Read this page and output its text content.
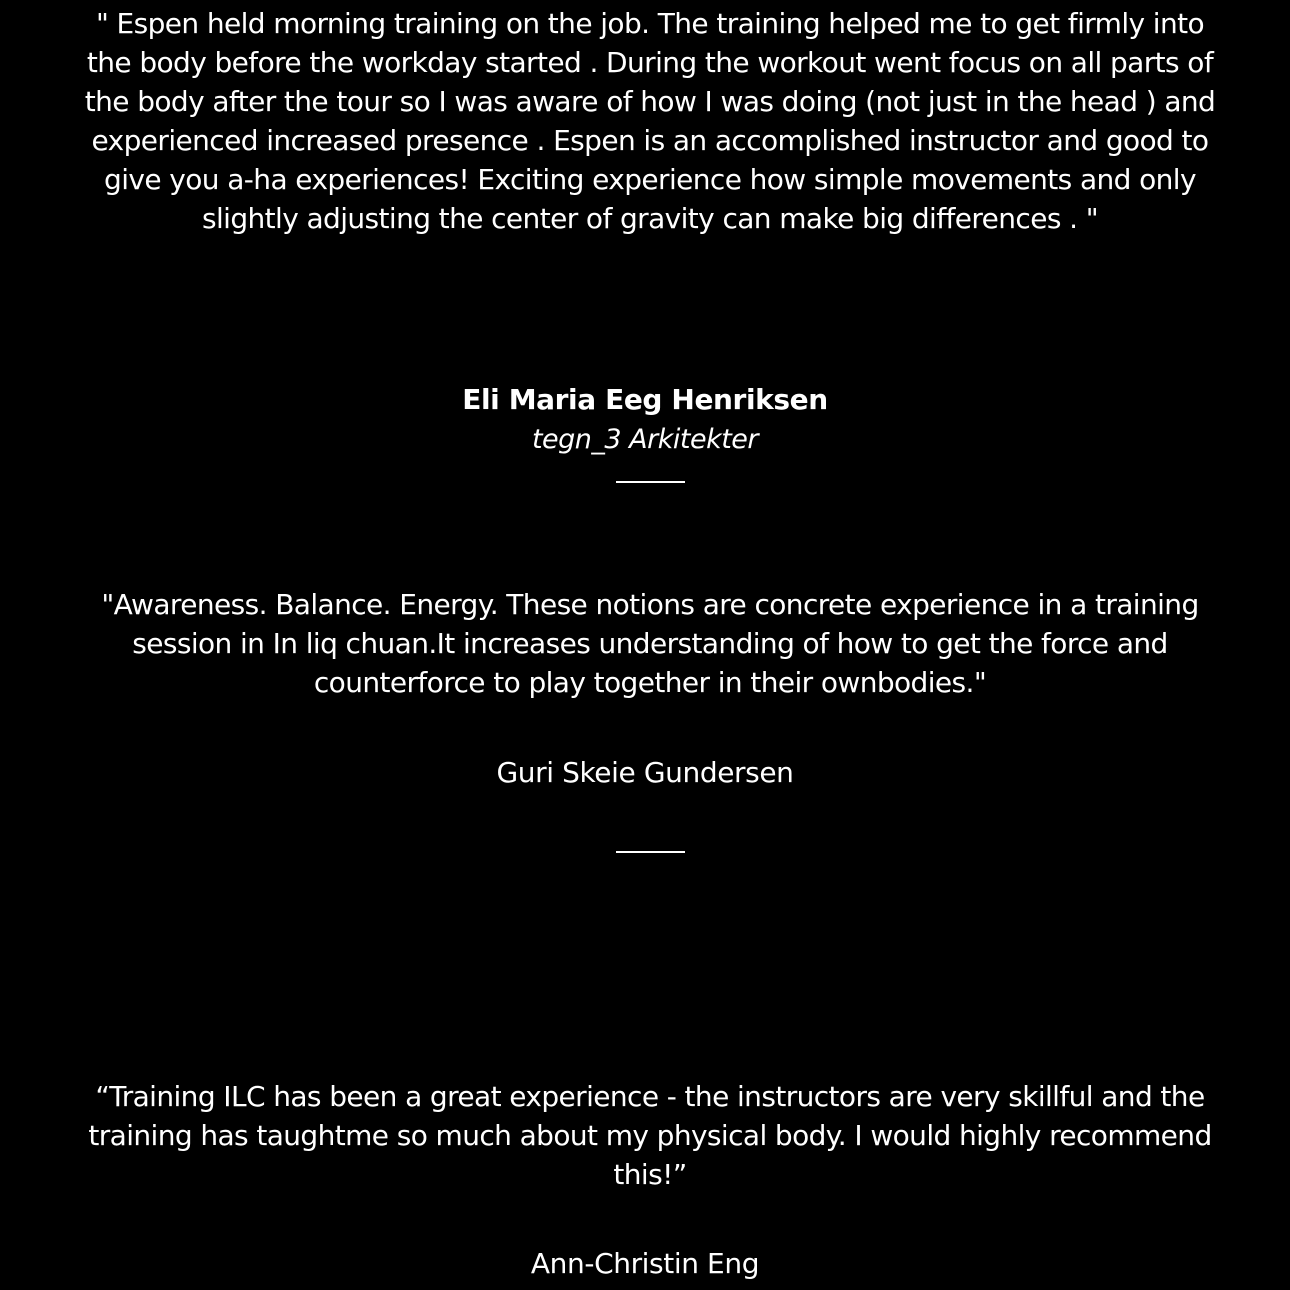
" Espen held morning training on the job. The training helped me to get firmly into the body before the workday started . During the workout went focus on all parts of the body after the tour so I was aware of how I was doing (not just in the head ) and experienced increased presence . Espen is an accomplished instructor and good to give you a-ha experiences! Exciting experience how simple movements and only slightly adjusting the center of gravity can make big differences . "

Eli Maria Eeg Henriksen

tegn_3 Arkitekter

"Awareness. Balance. Energy. These notions are concrete experience in a training session in In liq chuan.It increases understanding of how to get the force and counterforce to play together in their ownbodies."

Guri Skeie Gundersen

“Training ILC has been a great experience - the instructors are very skillful and the training has taughtme so much about my physical body. I would highly recommend this!”

Ann-Christin Eng
